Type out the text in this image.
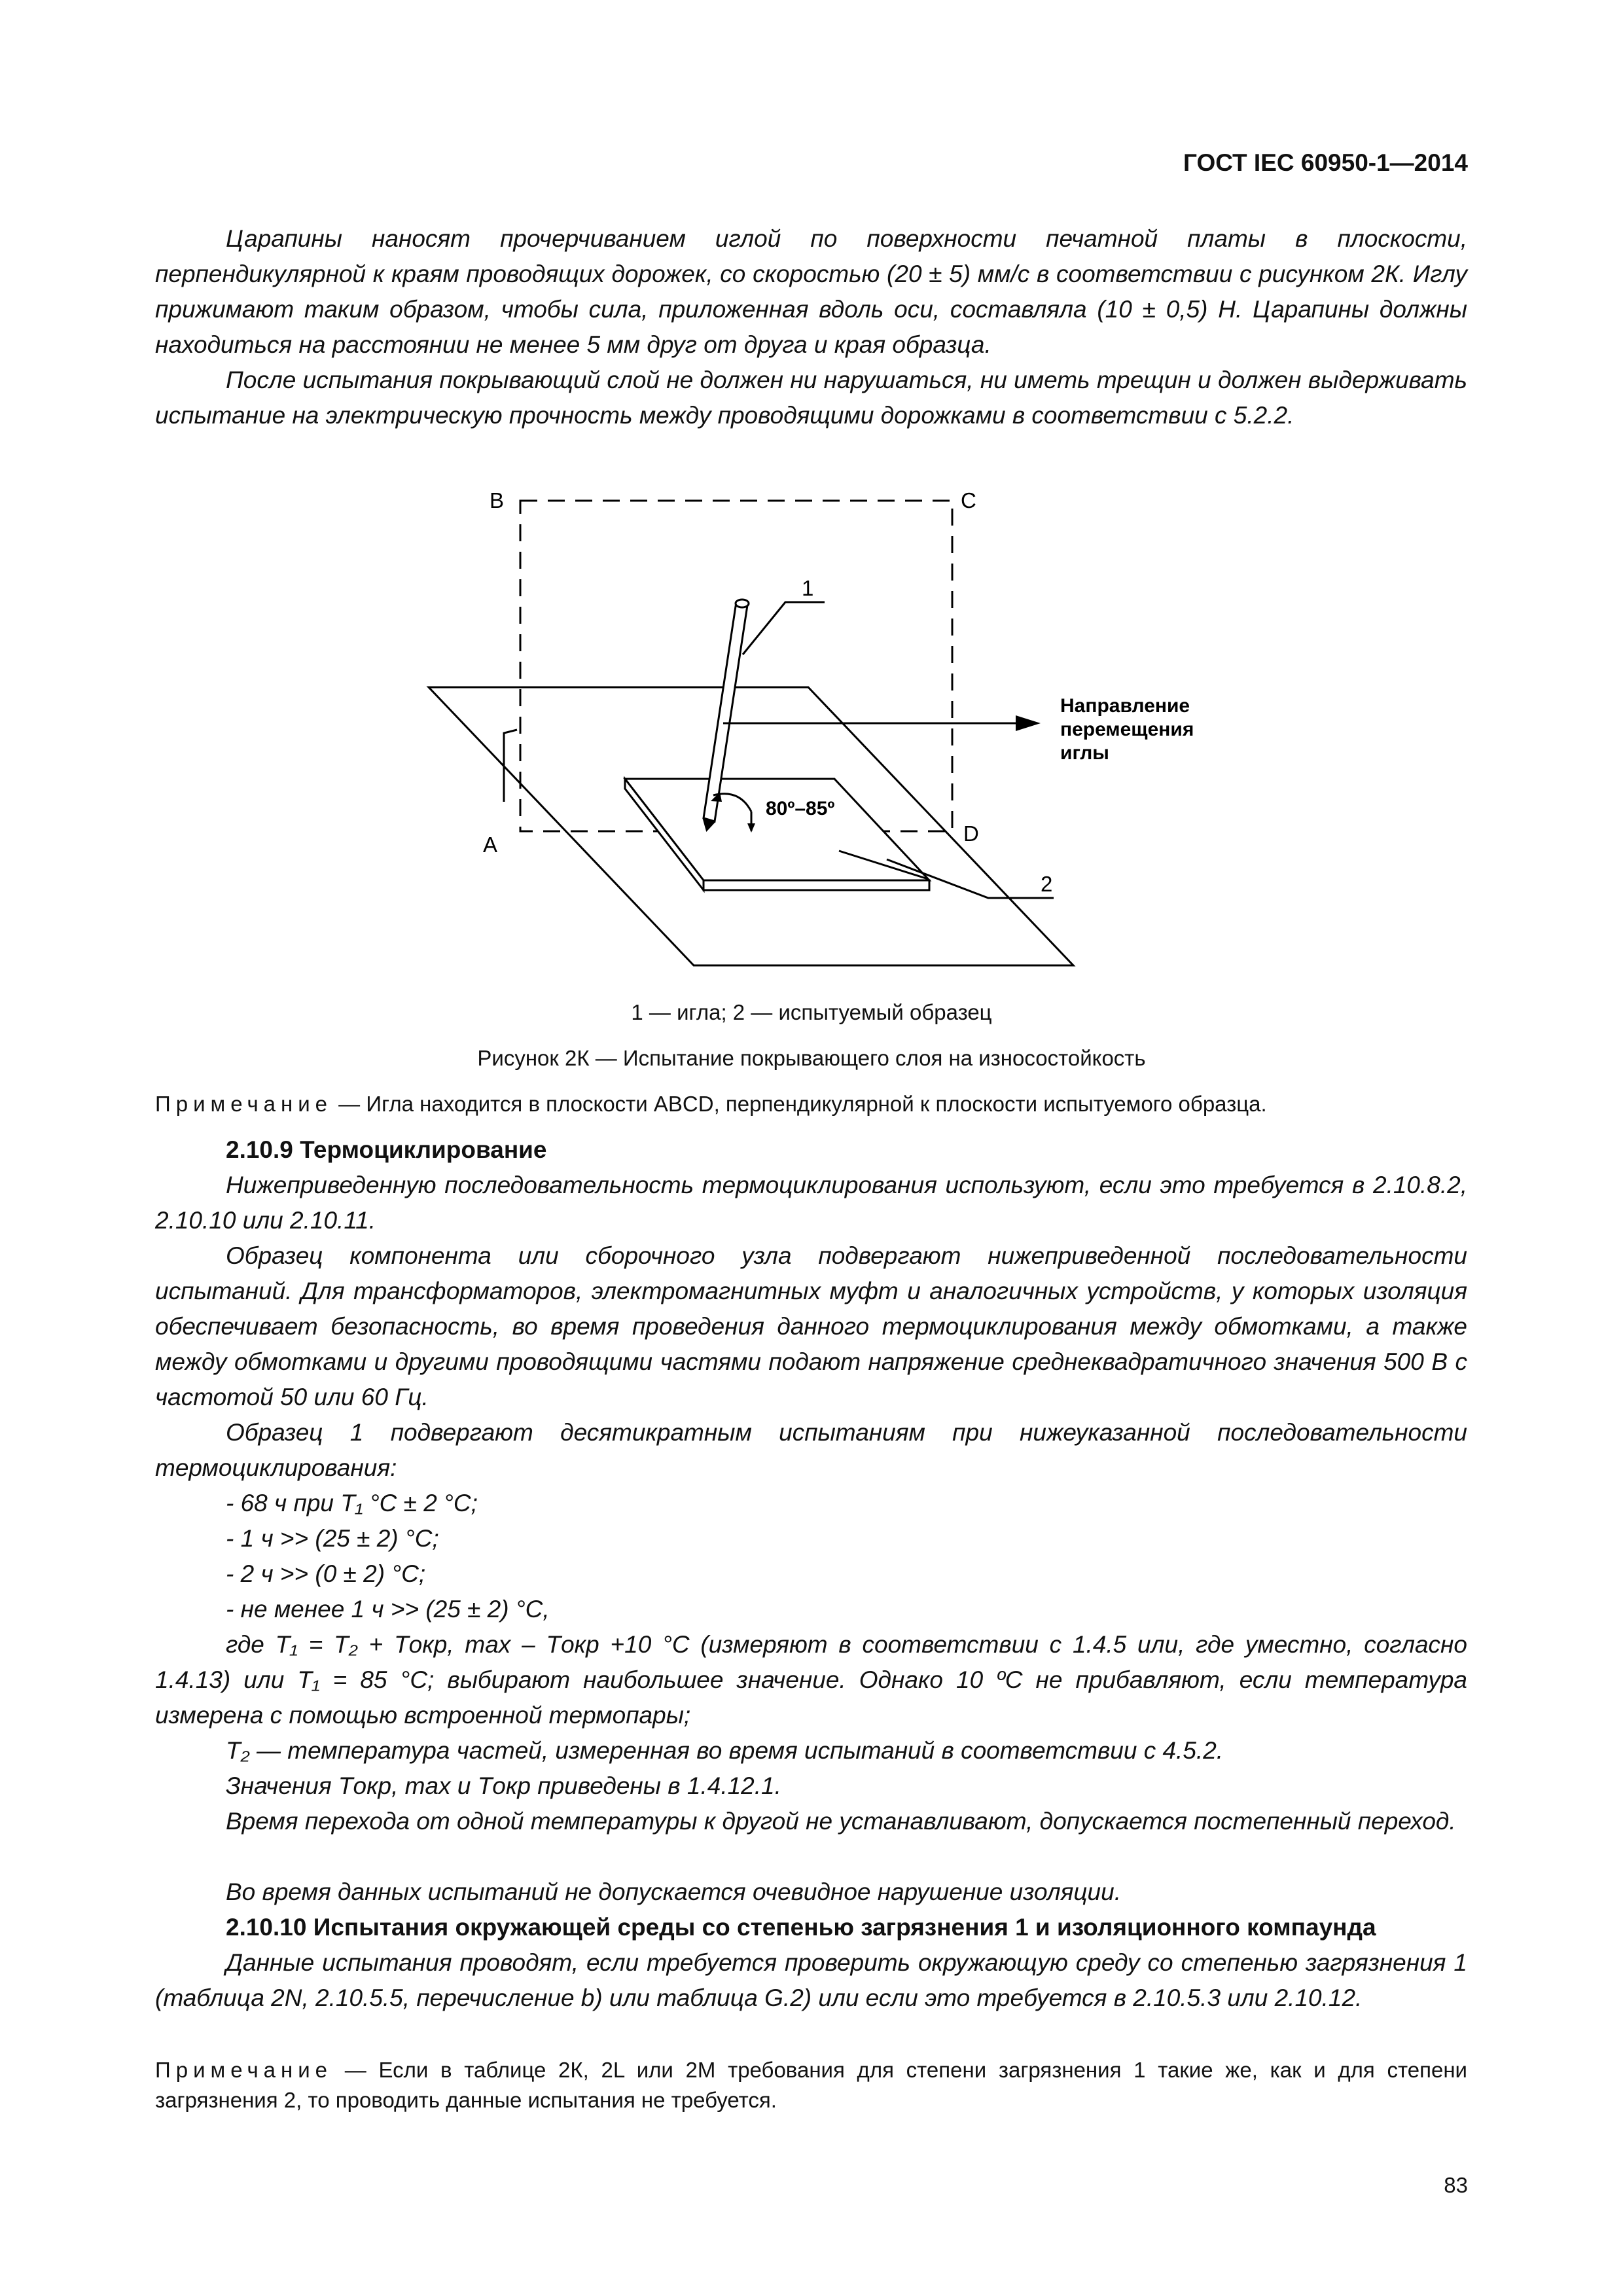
ГОСТ IEC 60950-1—2014

Царапины наносят прочерчиванием иглой по поверхности печатной платы в плоскости, перпендикулярной к краям проводящих дорожек, со скоростью (20 ± 5) мм/с в соответствии с рисунком 2К. Иглу прижимают таким образом, чтобы сила, приложенная вдоль оси, составляла (10 ± 0,5) Н. Царапины должны находиться на расстоянии не менее 5 мм друг от друга и края образца.

После испытания покрывающий слой не должен ни нарушаться, ни иметь трещин и должен выдерживать испытание на электрическую прочность между проводящими дорожками в соответствии с 5.2.2.

B	C
A	D
1
2
80º–85º
Направление
перемещения
иглы
1 — игла; 2 — испытуемый образец
Рисунок 2К — Испытание покрывающего слоя на износостойкость
Примечание — Игла находится в плоскости ABCD, перпендикулярной к плоскости испытуемого образца.
2.10.9 Термоциклирование

Нижеприведенную последовательность термоциклирования используют, если это требуется в 2.10.8.2, 2.10.10 или 2.10.11.

Образец компонента или сборочного узла подвергают нижеприведенной последовательности испытаний. Для трансформаторов, электромагнитных муфт и аналогичных устройств, у которых изоляция обеспечивает безопасность, во время проведения данного термоциклирования между обмотками, а также между обмотками и другими проводящими частями подают напряжение среднеквадратичного значения 500 В с частотой 50 или 60 Гц.

Образец 1 подвергают десятикратным испытаниям при нижеуказанной последовательности термоциклирования:

- 68 ч при T₁ °C ± 2 °C;
- 1 ч >> (25 ± 2) °C;
- 2 ч >> (0 ± 2) °C;
- не менее 1 ч >> (25 ± 2) °C,

где T₁ = T₂ + Tокр, max – Tокр +10 °C (измеряют в соответствии с 1.4.5 или, где уместно, согласно 1.4.13) или T₁ = 85 °C; выбирают наибольшее значение. Однако 10 ºC не прибавляют, если температура измерена с помощью встроенной термопары;

T₂ — температура частей, измеренная во время испытаний в соответствии с 4.5.2.

Значения Tокр, max и Tокр приведены в 1.4.12.1.

Время перехода от одной температуры к другой не устанавливают, допускается постепенный переход.

Во время данных испытаний не допускается очевидное нарушение изоляции.

2.10.10 Испытания окружающей среды со степенью загрязнения 1 и изоляционного компаунда

Данные испытания проводят, если требуется проверить окружающую среду со степенью загрязнения 1 (таблица 2N, 2.10.5.5, перечисление b) или таблица G.2) или если это требуется в 2.10.5.3 или 2.10.12.

Примечание — Если в таблице 2К, 2L или 2М требования для степени загрязнения 1 такие же, как и для степени загрязнения 2, то проводить данные испытания не требуется.
83
